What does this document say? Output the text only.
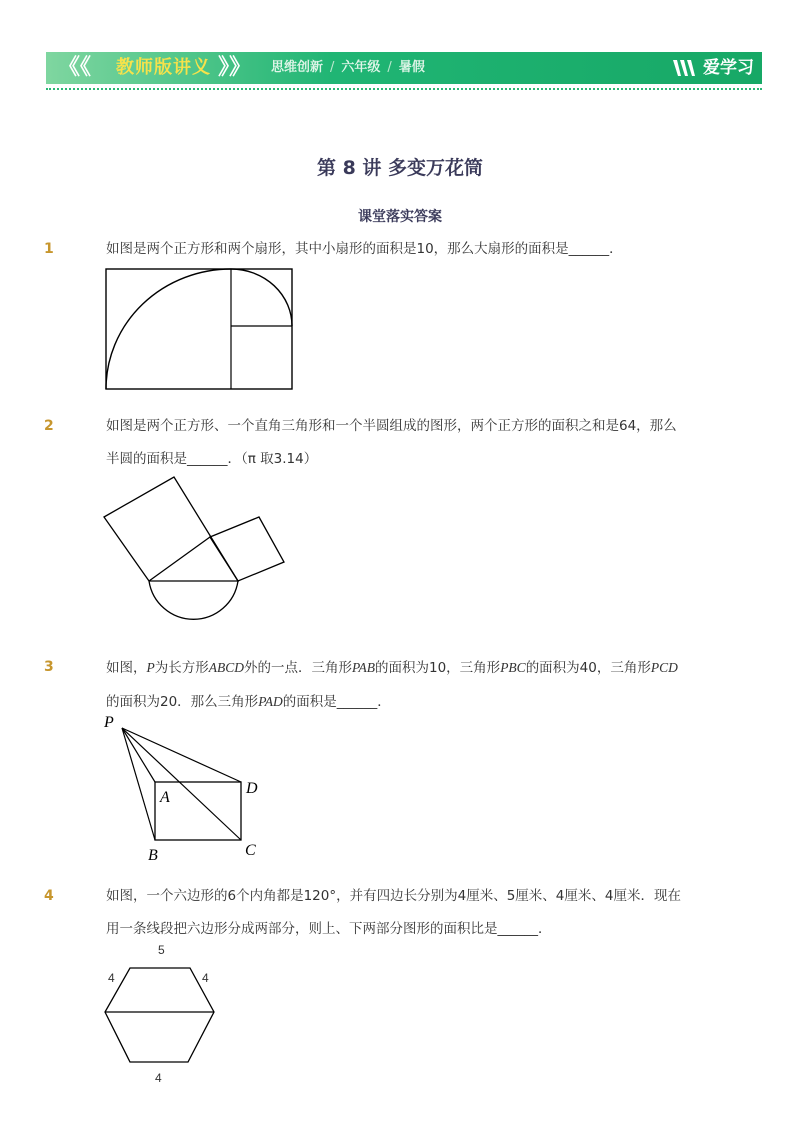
《《 教师版讲义 》》 思维创新 / 六年级 / 暑假	爱学习
第 8 讲 多变万花筒
课堂落实答案
1	如图是两个正方形和两个扇形，其中小扇形的面积是10，那么大扇形的面积是______．
2	如图是两个正方形、一个直角三角形和一个半圆组成的图形，两个正方形的面积之和是64，那么
半圆的面积是______．（π 取3.14）
3	如图，P为长方形ABCD外的一点．三角形PAB的面积为10，三角形PBC的面积为40，三角形PCD
的面积为20．那么三角形PAD的面积是______．
P
A
B	C
D
4	如图，一个六边形的6个内角都是120°，并有四边长分别为4厘米、5厘米、4厘米、4厘米．现在
用一条线段把六边形分成两部分，则上、下两部分图形的面积比是______．
5
4	4
4
